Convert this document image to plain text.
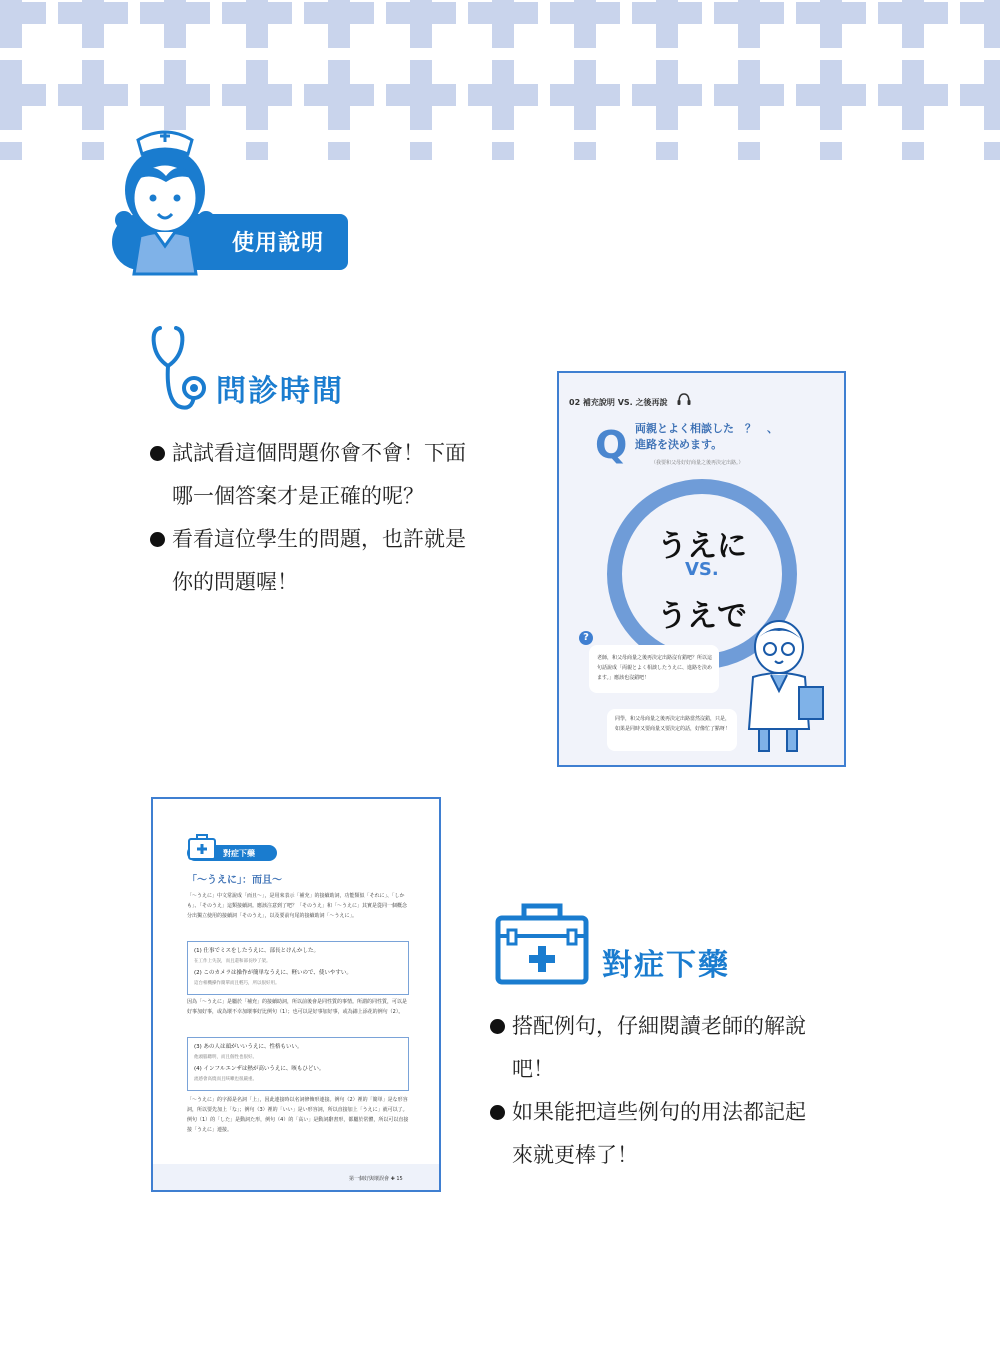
使用說明
問診時間
試試看這個問題你會不會！下面
哪一個答案才是正確的呢？
看看這位學生的問題，也許就是
你的問題喔！
02 補充說明 VS. 之後再說
Q 両親とよく相談した　？　、
進路を決めます。
（我要和父母好好商量之後再決定出路。）
うえに
VS.
うえで
?
老師，和父母商量之後再決定出路沒有錯吧？所以這句話說成「両親とよく相談したうえに、進路を決めます。」應該也沒錯吧！
同學，和父母商量之後再決定出路當然沒錯，只是，如果是同時又要商量又要決定的話，好像忙了點呀！
對症下藥
「～うえに」：而且～
「～うえに」中文常說成「而且～」，是用來表示「補充」的接續助詞，功能類似「それに」、「しかも」、「そのうえ」這類接續詞。應該注意到了吧？「そのうえ」和「～うえに」其實是從同一個概念分出獨立使用的接續詞「そのうえ」，以及要前句尾的接續助詞「～うえに」。
(1) 仕事でミスをしたうえに、部長とけんかした。
在工作上失誤，而且還和部長吵了架。
(2) このカメラは操作が簡単なうえに、軽いので、使いやすい。
這台相機操作簡單而且輕巧，所以很好用。
因為「～うえに」是屬於「補充」的接續助詞，所以前後會是同性質的事情。所謂的同性質，可以是好事加好事，或為壞不幸加壞事好比例句（1）；也可以是好事加好事，或為錦上添花的例句（2）。
(3) あの人は頭がいいうえに、性格もいい。
他頭腦聰明，而且個性也很好。
(4) インフルエンザは熱が高いうえに、咳もひどい。
流感會高燒而且咳嗽也很嚴重。
「～うえに」的字源是名詞「上」，因此連接時以名詞修飾形連接。例句（2）裡的「簡単」是な形容詞，所以要先加上「な」；例句（3）裡的「いい」是い形容詞，所以直接加上「うえに」就可以了。例句（1）的「した」是動詞た形，例句（4）的「高い」是動詞辭書形，都屬於常體，所以可以直接接「うえに」連接。
第一個好與壞誤會 ✚ 15
對症下藥
搭配例句，仔細閱讀老師的解說
吧！
如果能把這些例句的用法都記起
來就更棒了！
